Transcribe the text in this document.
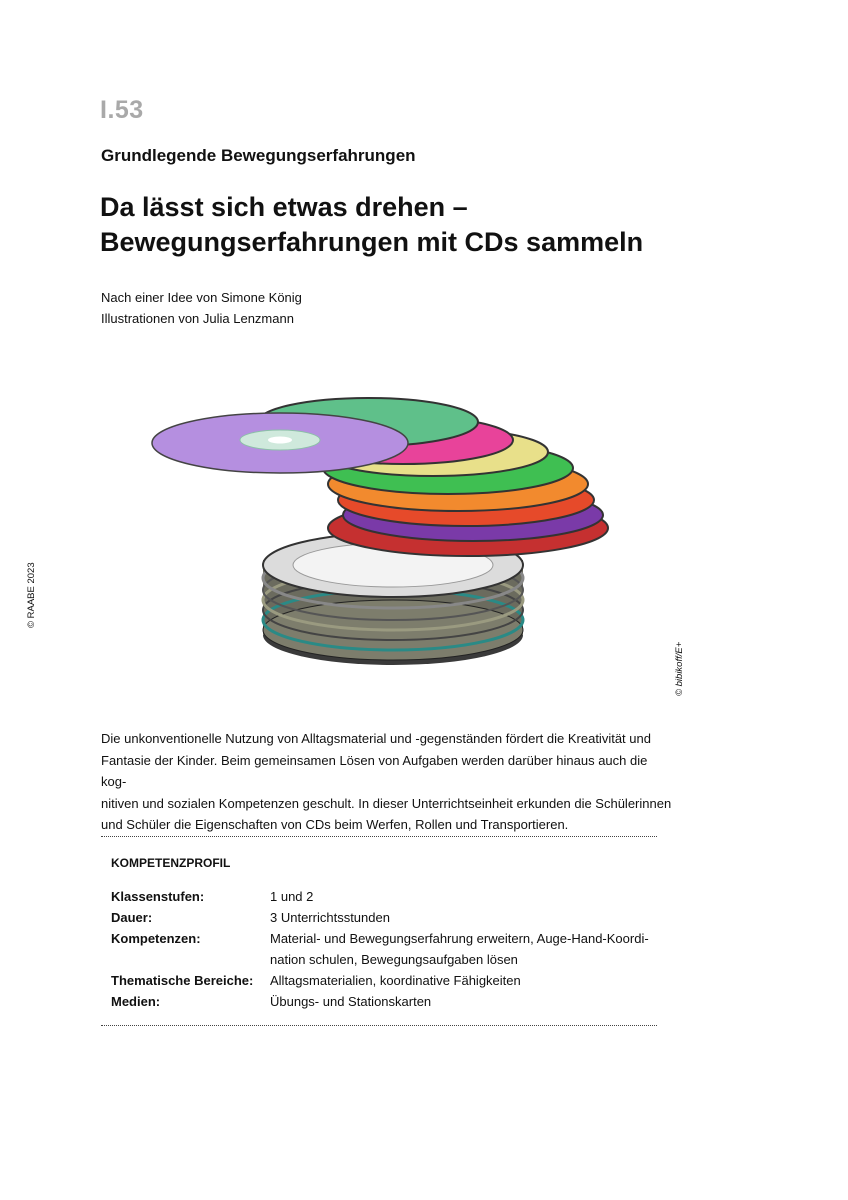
I.53
Grundlegende Bewegungserfahrungen
Da lässt sich etwas drehen –
Bewegungserfahrungen mit CDs sammeln
Nach einer Idee von Simone König
Illustrationen von Julia Lenzmann
© RAABE 2023
© bibikoff/E+
Die unkonventionelle Nutzung von Alltagsmaterial und -gegenständen fördert die Kreativität und
Fantasie der Kinder. Beim gemeinsamen Lösen von Aufgaben werden darüber hinaus auch die kog-
nitiven und sozialen Kompetenzen geschult. In dieser Unterrichtseinheit erkunden die Schülerinnen
und Schüler die Eigenschaften von CDs beim Werfen, Rollen und Transportieren.
KOMPETENZPROFIL
Klassenstufen:	1 und 2
Dauer:	3 Unterrichtsstunden
Kompetenzen:	Material- und Bewegungserfahrung erweitern, Auge-Hand-Koordi-
nation schulen, Bewegungsaufgaben lösen
Thematische Bereiche:	Alltagsmaterialien, koordinative Fähigkeiten
Medien:	Übungs- und Stationskarten
